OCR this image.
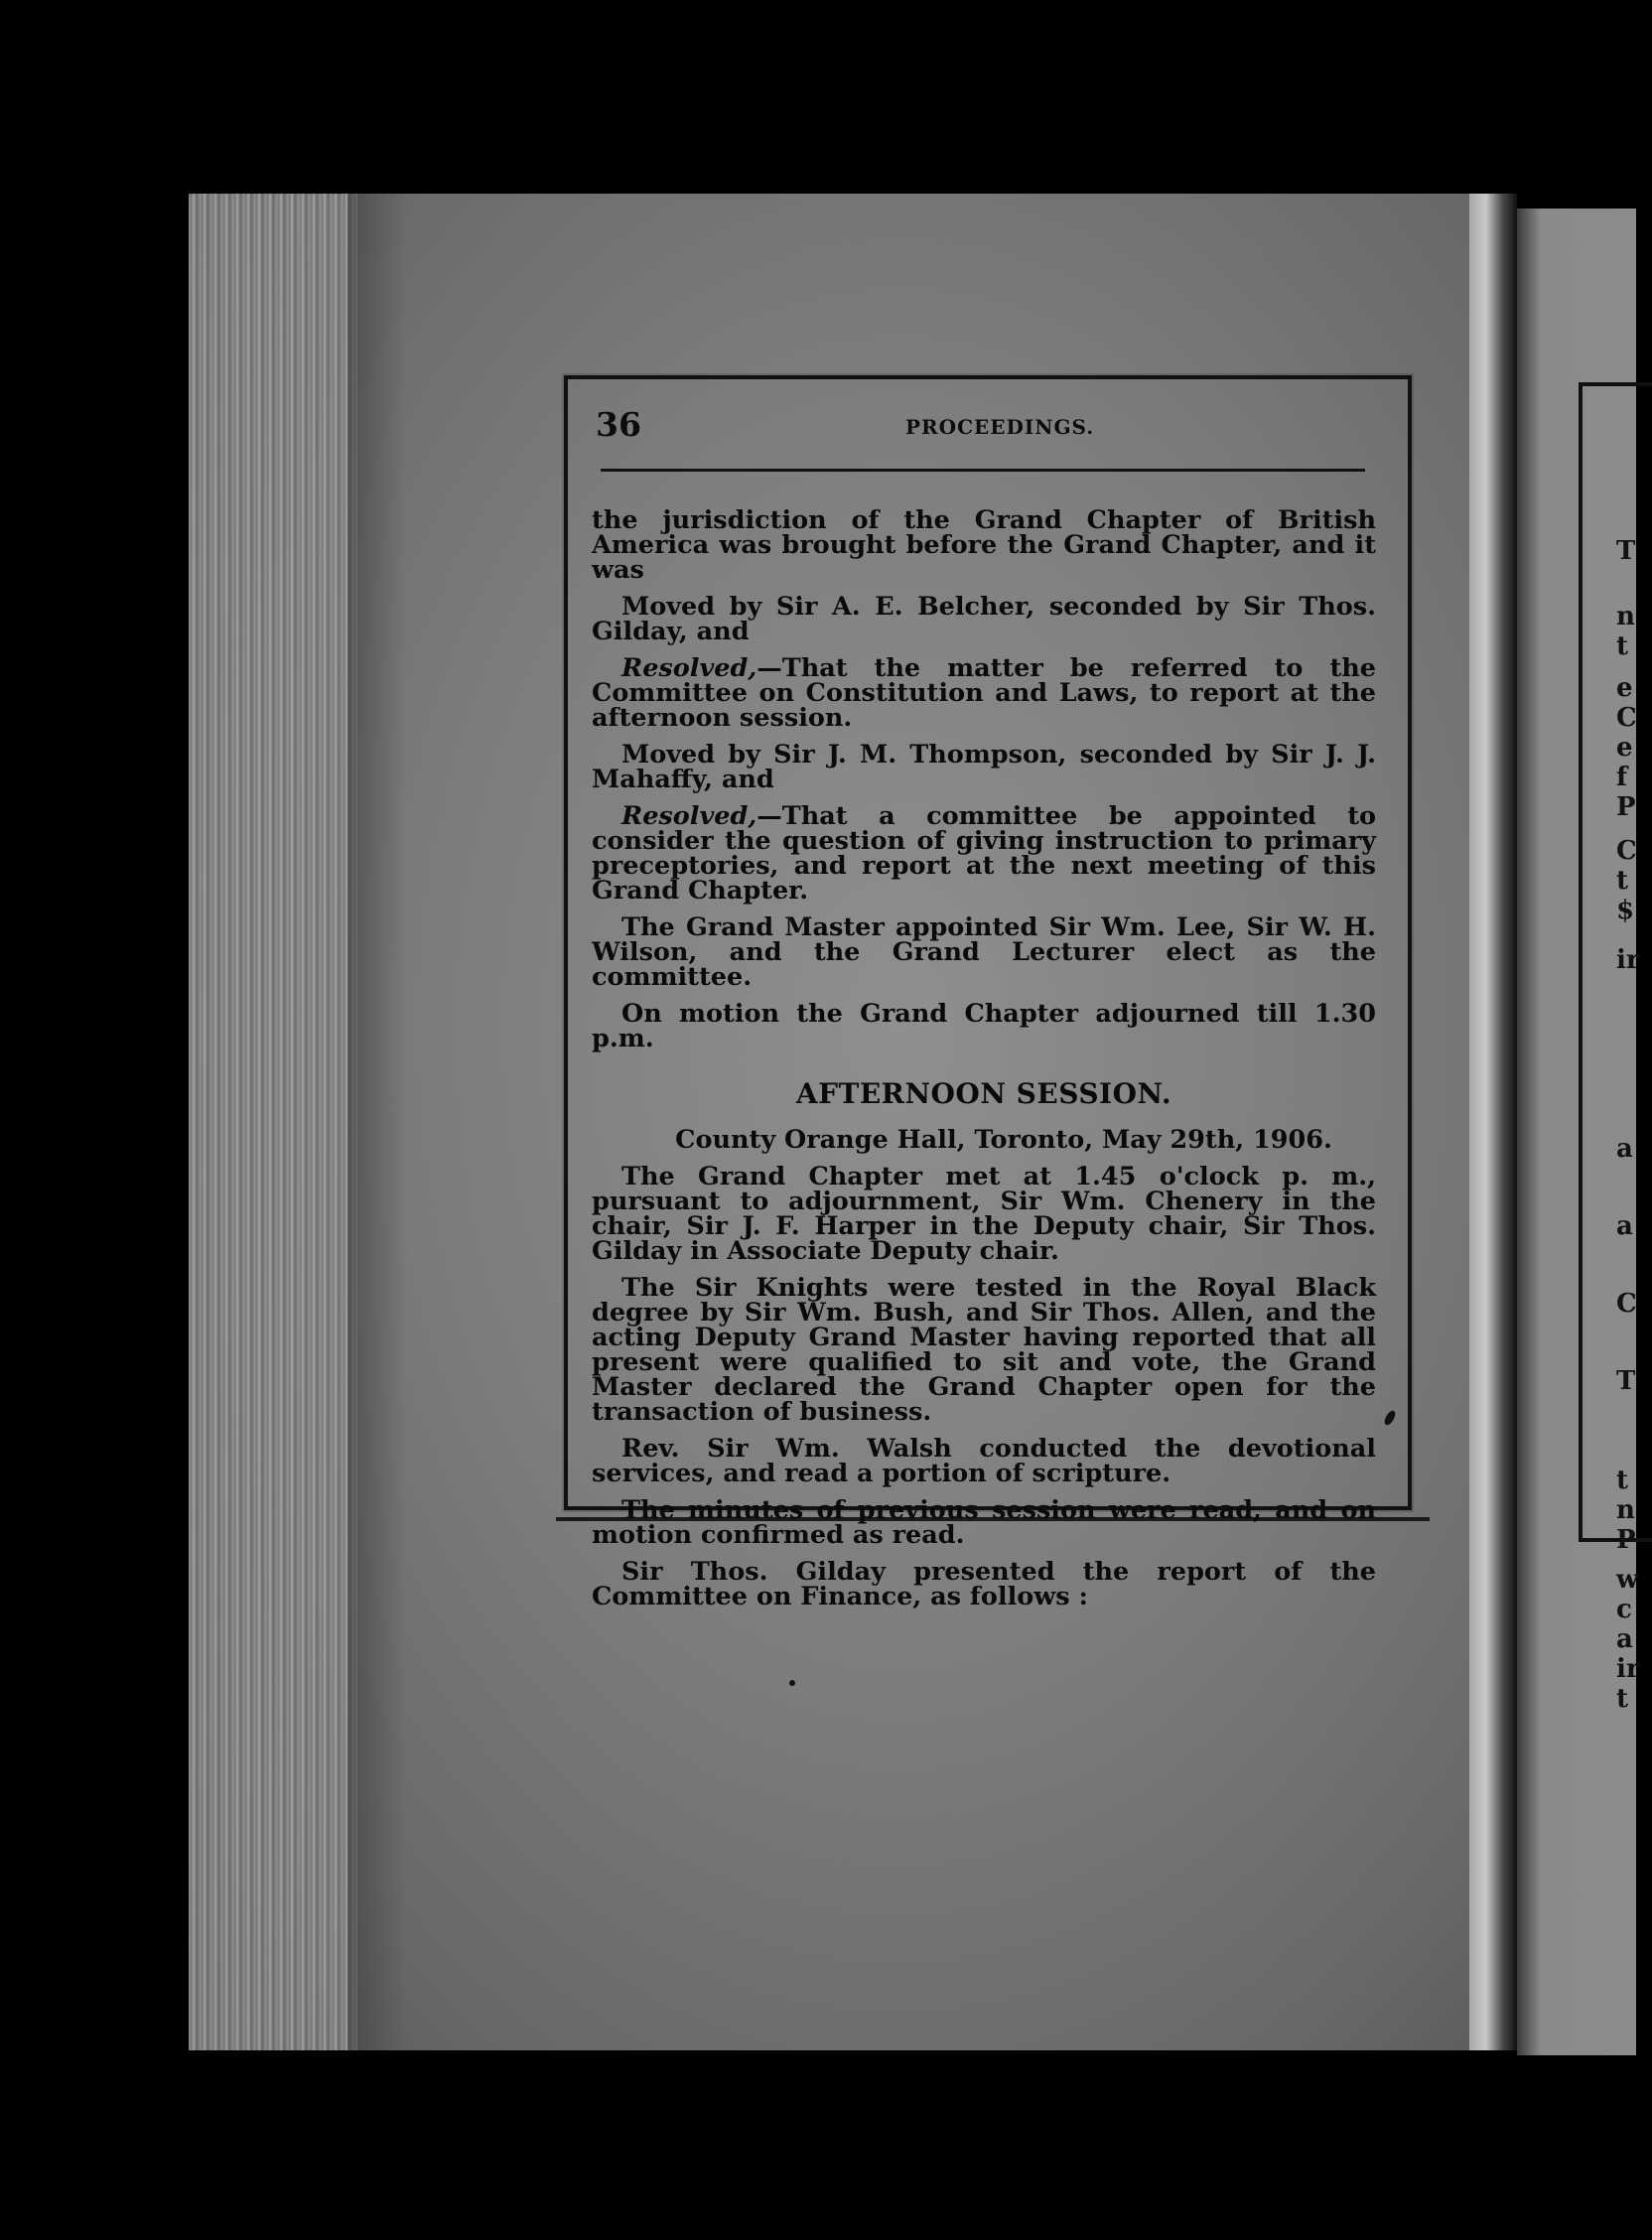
T
n
t
e
C
e
f
P
C
t
$
ir
a
a
C
T
t
n
P
w
c
a
ir
t
36	PROCEEDINGS.

the jurisdiction of the Grand Chapter of British America was brought before the Grand Chapter, and it was

Moved by Sir A. E. Belcher, seconded by Sir Thos. Gilday, and

Resolved,—That the matter be referred to the Committee on Constitution and Laws, to report at the afternoon session.

Moved by Sir J. M. Thompson, seconded by Sir J. J. Mahaffy, and

Resolved,—That a committee be appointed to consider the question of giving instruction to primary preceptories, and report at the next meeting of this Grand Chapter.

The Grand Master appointed Sir Wm. Lee, Sir W. H. Wilson, and the Grand Lecturer elect as the committee.

On motion the Grand Chapter adjourned till 1.30 p.m.

AFTERNOON SESSION.

County Orange Hall, Toronto, May 29th, 1906.

The Grand Chapter met at 1.45 o'clock p. m., pursuant to adjournment, Sir Wm. Chenery in the chair, Sir J. F. Harper in the Deputy chair, Sir Thos. Gilday in Associate Deputy chair.

The Sir Knights were tested in the Royal Black degree by Sir Wm. Bush, and Sir Thos. Allen, and the acting Deputy Grand Master having reported that all present were qualified to sit and vote, the Grand Master declared the Grand Chapter open for the transaction of business.

Rev. Sir Wm. Walsh conducted the devotional services, and read a portion of scripture.

The minutes of previous session were read, and on motion confirmed as read.

Sir Thos. Gilday presented the report of the Committee on Finance, as follows :
